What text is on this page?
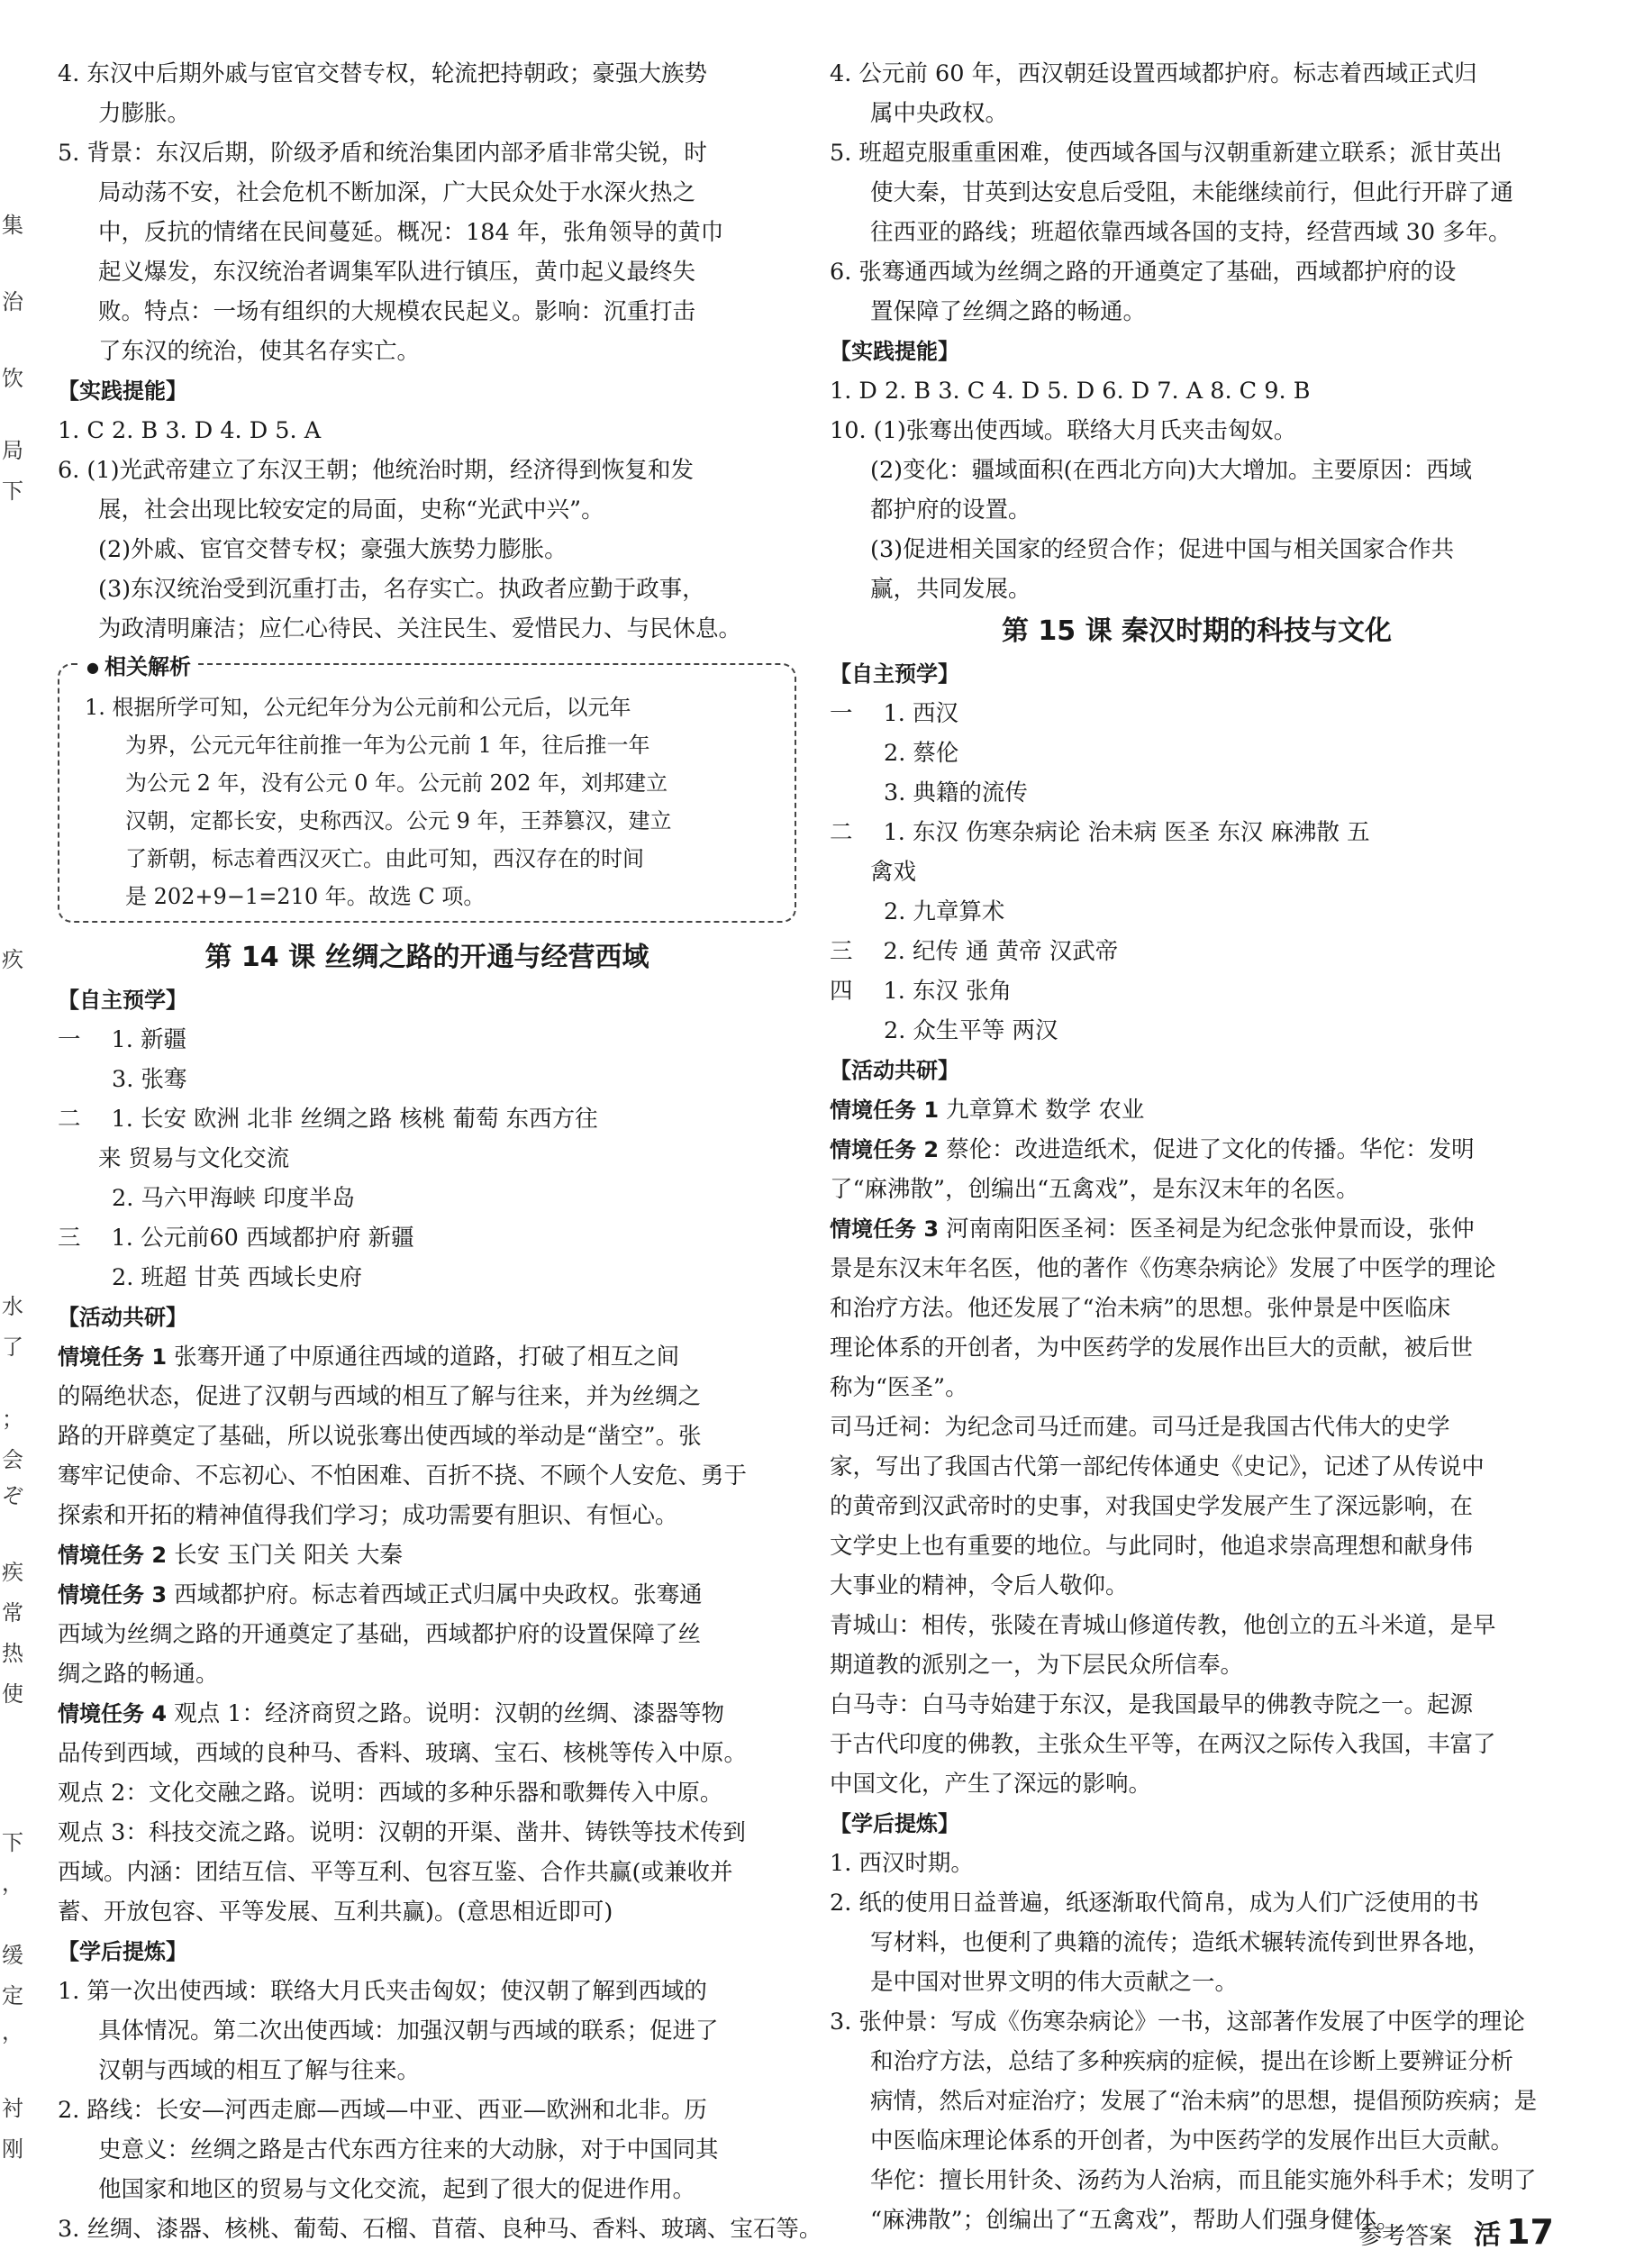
集
治
饮
局
下
疚
水
了
；
会
ぞ
疾
常
热
使
下
，
缓
定
，
衬
刚
4. 东汉中后期外戚与宦官交替专权，轮流把持朝政；豪强大族势
力膨胀。
5. 背景：东汉后期，阶级矛盾和统治集团内部矛盾非常尖锐，时
局动荡不安，社会危机不断加深，广大民众处于水深火热之
中，反抗的情绪在民间蔓延。概况：184 年，张角领导的黄巾
起义爆发，东汉统治者调集军队进行镇压，黄巾起义最终失
败。特点：一场有组织的大规模农民起义。影响：沉重打击
了东汉的统治，使其名存实亡。
【实践提能】
1. C 2. B 3. D 4. D 5. A
6. (1)光武帝建立了东汉王朝；他统治时期，经济得到恢复和发
展，社会出现比较安定的局面，史称“光武中兴”。
(2)外戚、宦官交替专权；豪强大族势力膨胀。
(3)东汉统治受到沉重打击，名存实亡。执政者应勤于政事，
为政清明廉洁；应仁心待民、关注民生、爱惜民力、与民休息。
● 相关解析
1. 根据所学可知，公元纪年分为公元前和公元后，以元年
为界，公元元年往前推一年为公元前 1 年，往后推一年
为公元 2 年，没有公元 0 年。公元前 202 年，刘邦建立
汉朝，定都长安，史称西汉。公元 9 年，王莽篡汉，建立
了新朝，标志着西汉灭亡。由此可知，西汉存在的时间
是 202+9−1=210 年。故选 C 项。
第 14 课 丝绸之路的开通与经营西域
【自主预学】
一 1. 新疆
3. 张骞
二 1. 长安 欧洲 北非 丝绸之路 核桃 葡萄 东西方往
来 贸易与文化交流
2. 马六甲海峡 印度半岛
三 1. 公元前60 西域都护府 新疆
2. 班超 甘英 西域长史府
【活动共研】
情境任务 1 张骞开通了中原通往西域的道路，打破了相互之间
的隔绝状态，促进了汉朝与西域的相互了解与往来，并为丝绸之
路的开辟奠定了基础，所以说张骞出使西域的举动是“凿空”。张
骞牢记使命、不忘初心、不怕困难、百折不挠、不顾个人安危、勇于
探索和开拓的精神值得我们学习；成功需要有胆识、有恒心。
情境任务 2 长安 玉门关 阳关 大秦
情境任务 3 西域都护府。标志着西域正式归属中央政权。张骞通
西域为丝绸之路的开通奠定了基础，西域都护府的设置保障了丝
绸之路的畅通。
情境任务 4 观点 1：经济商贸之路。说明：汉朝的丝绸、漆器等物
品传到西域，西域的良种马、香料、玻璃、宝石、核桃等传入中原。
观点 2：文化交融之路。说明：西域的多种乐器和歌舞传入中原。
观点 3：科技交流之路。说明：汉朝的开渠、凿井、铸铁等技术传到
西域。内涵：团结互信、平等互利、包容互鉴、合作共赢(或兼收并
蓄、开放包容、平等发展、互利共赢)。(意思相近即可)
【学后提炼】
1. 第一次出使西域：联络大月氏夹击匈奴；使汉朝了解到西域的
具体情况。第二次出使西域：加强汉朝与西域的联系；促进了
汉朝与西域的相互了解与往来。
2. 路线：长安—河西走廊—西域—中亚、西亚—欧洲和北非。历
史意义：丝绸之路是古代东西方往来的大动脉，对于中国同其
他国家和地区的贸易与文化交流，起到了很大的促进作用。
3. 丝绸、漆器、核桃、葡萄、石榴、苜蓿、良种马、香料、玻璃、宝石等。
4. 公元前 60 年，西汉朝廷设置西域都护府。标志着西域正式归
属中央政权。
5. 班超克服重重困难，使西域各国与汉朝重新建立联系；派甘英出
使大秦，甘英到达安息后受阻，未能继续前行，但此行开辟了通
往西亚的路线；班超依靠西域各国的支持，经营西域 30 多年。
6. 张骞通西域为丝绸之路的开通奠定了基础，西域都护府的设
置保障了丝绸之路的畅通。
【实践提能】
1. D 2. B 3. C 4. D 5. D 6. D 7. A 8. C 9. B
10. (1)张骞出使西域。联络大月氏夹击匈奴。
(2)变化：疆域面积(在西北方向)大大增加。主要原因：西域
都护府的设置。
(3)促进相关国家的经贸合作；促进中国与相关国家合作共
赢，共同发展。
第 15 课 秦汉时期的科技与文化
【自主预学】
一 1. 西汉
2. 蔡伦
3. 典籍的流传
二 1. 东汉 伤寒杂病论 治未病 医圣 东汉 麻沸散 五
禽戏
2. 九章算术
三 2. 纪传 通 黄帝 汉武帝
四 1. 东汉 张角
2. 众生平等 两汉
【活动共研】
情境任务 1 九章算术 数学 农业
情境任务 2 蔡伦：改进造纸术，促进了文化的传播。华佗：发明
了“麻沸散”，创编出“五禽戏”，是东汉末年的名医。
情境任务 3 河南南阳医圣祠：医圣祠是为纪念张仲景而设，张仲
景是东汉末年名医，他的著作《伤寒杂病论》发展了中医学的理论
和治疗方法。他还发展了“治未病”的思想。张仲景是中医临床
理论体系的开创者，为中医药学的发展作出巨大的贡献，被后世
称为“医圣”。
司马迁祠：为纪念司马迁而建。司马迁是我国古代伟大的史学
家，写出了我国古代第一部纪传体通史《史记》，记述了从传说中
的黄帝到汉武帝时的史事，对我国史学发展产生了深远影响，在
文学史上也有重要的地位。与此同时，他追求崇高理想和献身伟
大事业的精神，令后人敬仰。
青城山：相传，张陵在青城山修道传教，他创立的五斗米道，是早
期道教的派别之一，为下层民众所信奉。
白马寺：白马寺始建于东汉，是我国最早的佛教寺院之一。起源
于古代印度的佛教，主张众生平等，在两汉之际传入我国，丰富了
中国文化，产生了深远的影响。
【学后提炼】
1. 西汉时期。
2. 纸的使用日益普遍，纸逐渐取代简帛，成为人们广泛使用的书
写材料，也便利了典籍的流传；造纸术辗转流传到世界各地，
是中国对世界文明的伟大贡献之一。
3. 张仲景：写成《伤寒杂病论》一书，这部著作发展了中医学的理论
和治疗方法，总结了多种疾病的症候，提出在诊断上要辨证分析
病情，然后对症治疗；发展了“治未病”的思想，提倡预防疾病；是
中医临床理论体系的开创者，为中医药学的发展作出巨大贡献。
华佗：擅长用针灸、汤药为人治病，而且能实施外科手术；发明了
“麻沸散”；创编出了“五禽戏”，帮助人们强身健体。
参考答案 活 17
